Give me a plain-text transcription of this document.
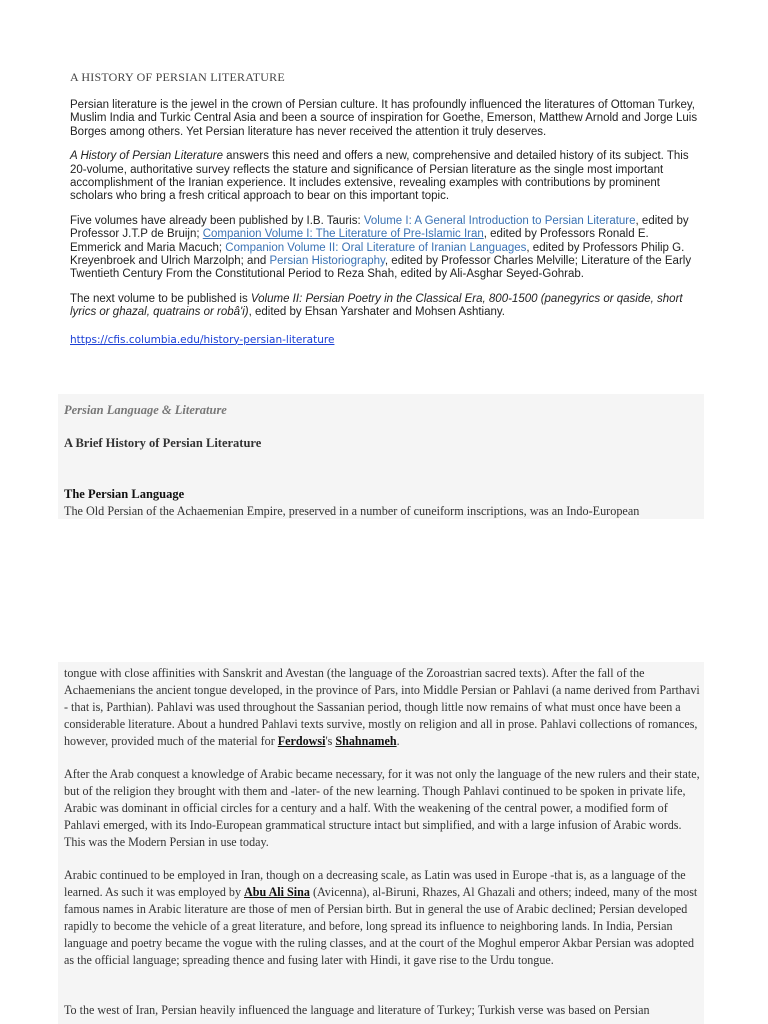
A HISTORY OF PERSIAN LITERATURE

Persian literature is the jewel in the crown of Persian culture. It has profoundly influenced the literatures of Ottoman Turkey, Muslim India and Turkic Central Asia and been a source of inspiration for Goethe, Emerson, Matthew Arnold and Jorge Luis Borges among others. Yet Persian literature has never received the attention it truly deserves.

A History of Persian Literature answers this need and offers a new, comprehensive and detailed history of its subject. This 20-volume, authoritative survey reflects the stature and significance of Persian literature as the single most important accomplishment of the Iranian experience. It includes extensive, revealing examples with contributions by prominent scholars who bring a fresh critical approach to bear on this important topic.

Five volumes have already been published by I.B. Tauris: Volume I: A General Introduction to Persian Literature, edited by Professor J.T.P de Bruijn; Companion Volume I: The Literature of Pre-Islamic Iran, edited by Professors Ronald E. Emmerick and Maria Macuch; Companion Volume II: Oral Literature of Iranian Languages, edited by Professors Philip G. Kreyenbroek and Ulrich Marzolph; and Persian Historiography, edited by Professor Charles Melville; Literature of the Early Twentieth Century From the Constitutional Period to Reza Shah, edited by Ali-Asghar Seyed-Gohrab.

The next volume to be published is Volume II: Persian Poetry in the Classical Era, 800-1500 (panegyrics or qaside, short lyrics or ghazal, quatrains or robâ'i), edited by Ehsan Yarshater and Mohsen Ashtiany.

https://cfis.columbia.edu/history-persian-literature

Persian Language & Literature
A Brief History of Persian Literature
The Persian Language
The Old Persian of the Achaemenian Empire, preserved in a number of cuneiform inscriptions, was an Indo-European

tongue with close affinities with Sanskrit and Avestan (the language of the Zoroastrian sacred texts). After the fall of the Achaemenians the ancient tongue developed, in the province of Pars, into Middle Persian or Pahlavi (a name derived from Parthavi - that is, Parthian). Pahlavi was used throughout the Sassanian period, though little now remains of what must once have been a considerable literature. About a hundred Pahlavi texts survive, mostly on religion and all in prose. Pahlavi collections of romances, however, provided much of the material for Ferdowsi's Shahnameh.

After the Arab conquest a knowledge of Arabic became necessary, for it was not only the language of the new rulers and their state, but of the religion they brought with them and -later- of the new learning. Though Pahlavi continued to be spoken in private life, Arabic was dominant in official circles for a century and a half. With the weakening of the central power, a modified form of Pahlavi emerged, with its Indo-European grammatical structure intact but simplified, and with a large infusion of Arabic words. This was the Modern Persian in use today.

Arabic continued to be employed in Iran, though on a decreasing scale, as Latin was used in Europe -that is, as a language of the learned. As such it was employed by Abu Ali Sina (Avicenna), al-Biruni, Rhazes, Al Ghazali and others; indeed, many of the most famous names in Arabic literature are those of men of Persian birth. But in general the use of Arabic declined; Persian developed rapidly to become the vehicle of a great literature, and before, long spread its influence to neighboring lands. In India, Persian language and poetry became the vogue with the ruling classes, and at the court of the Moghul emperor Akbar Persian was adopted as the official language; spreading thence and fusing later with Hindi, it gave rise to the Urdu tongue.

To the west of Iran, Persian heavily influenced the language and literature of Turkey; Turkish verse was based on Persian
